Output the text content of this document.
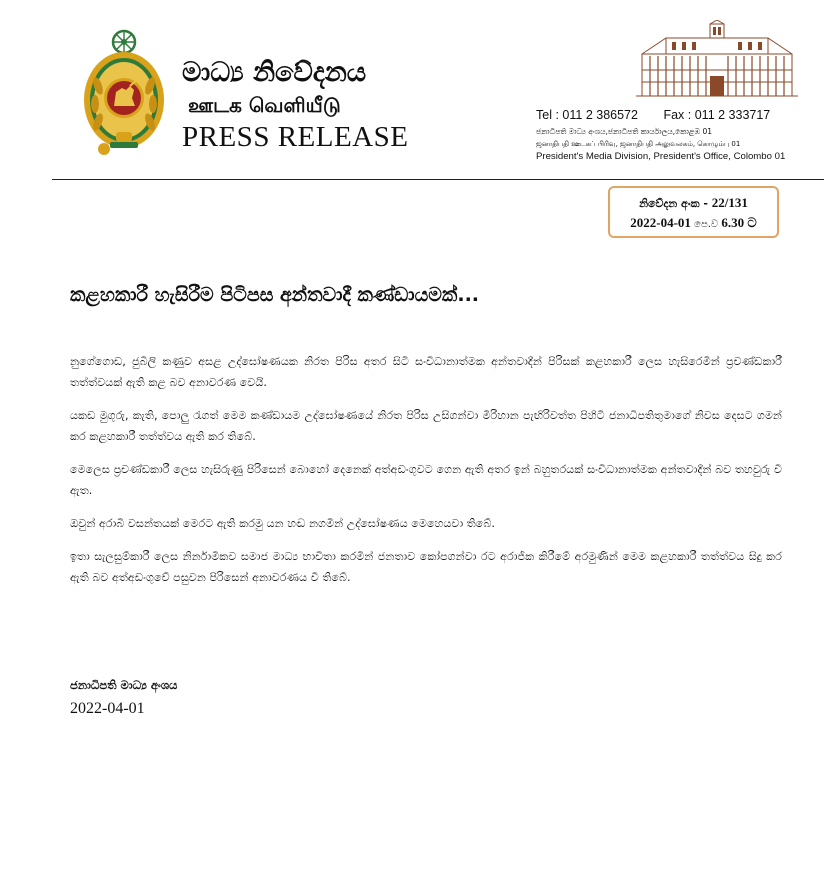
මාධ්‍ය නිවේදනය
ஊடக வெளியீடு
PRESS RELEASE
Tel : 011 2 386572 Fax : 011 2 333717
ජනාධිපති මාධ්‍ය අංශය,ජනාධිපති කාර්යාලය,කොළඹ 01
ஜனாதிபதி ஊடகப் பிரிவு, ஜனாதிபதி அலுவலகம், கொழும்பு 01
President's Media Division, President's Office, Colombo 01
නිවේදන අංක - 22/131
2022-04-01 පෙ.ව 6.30 ට
කළහකාරී හැසිරීම පිටිපස අන්තවාදී කණ්ඩායමක්...

නුගේගොඩ, ජුබිලි කණුව අසළ උද්ඝෝෂණයක නිරත පිරිස අතර සිටි සංවිධානාත්මක අන්තවාදීන් පිරිසක් කළහකාරී ලෙස හැසිරෙමින් ප්‍රචණ්ඩකාරී තත්ත්වයක් ඇති කළ බව අනාවරණ වෙයි.

යකඩ මුගුරු, කැති, පොලු රැගත් මෙම කණ්ඩායම උද්ඝෝෂණයේ නිරත පිරිස උසිගන්වා මිරිහාන පැඟිරිවත්ත පිහිටි ජනාධිපතිතුමාගේ නිවස දෙසට ගමන් කර කළහකාරී තත්ත්වය ඇති කර තිබේ.

මෙලෙස ප්‍රචණ්ඩකාරී ලෙස හැසිරුණු පිරිසෙන් බොහෝ දෙනෙක් අත්අඩංගුවට ගෙන ඇති අතර ඉන් බහුතරයක් සංවිධානාත්මක අන්තවාදීන් බව තහවුරු වී ඇත.

ඔවුන් අරාබි වසන්තයක් මෙරට ඇති කරමු යන හඬ නගමින් උද්ඝෝෂණය මෙහෙයවා තිබේ.

ඉතා සැලසුම්කාරී ලෙස නිර්නාමිකව සමාජ මාධ්‍ය භාවිතා කරමින් ජනතාව කෝපගන්වා රට අරාජික කිරීමේ අරමුණින් මෙම කළහකාරී තත්ත්වය සිදු කර ඇති බව අත්අඩංගුවේ පසුවන පිරිසෙන් අනාවරණය වී තිබේ.

ජනාධිපති මාධ්‍ය අංශය
2022-04-01
